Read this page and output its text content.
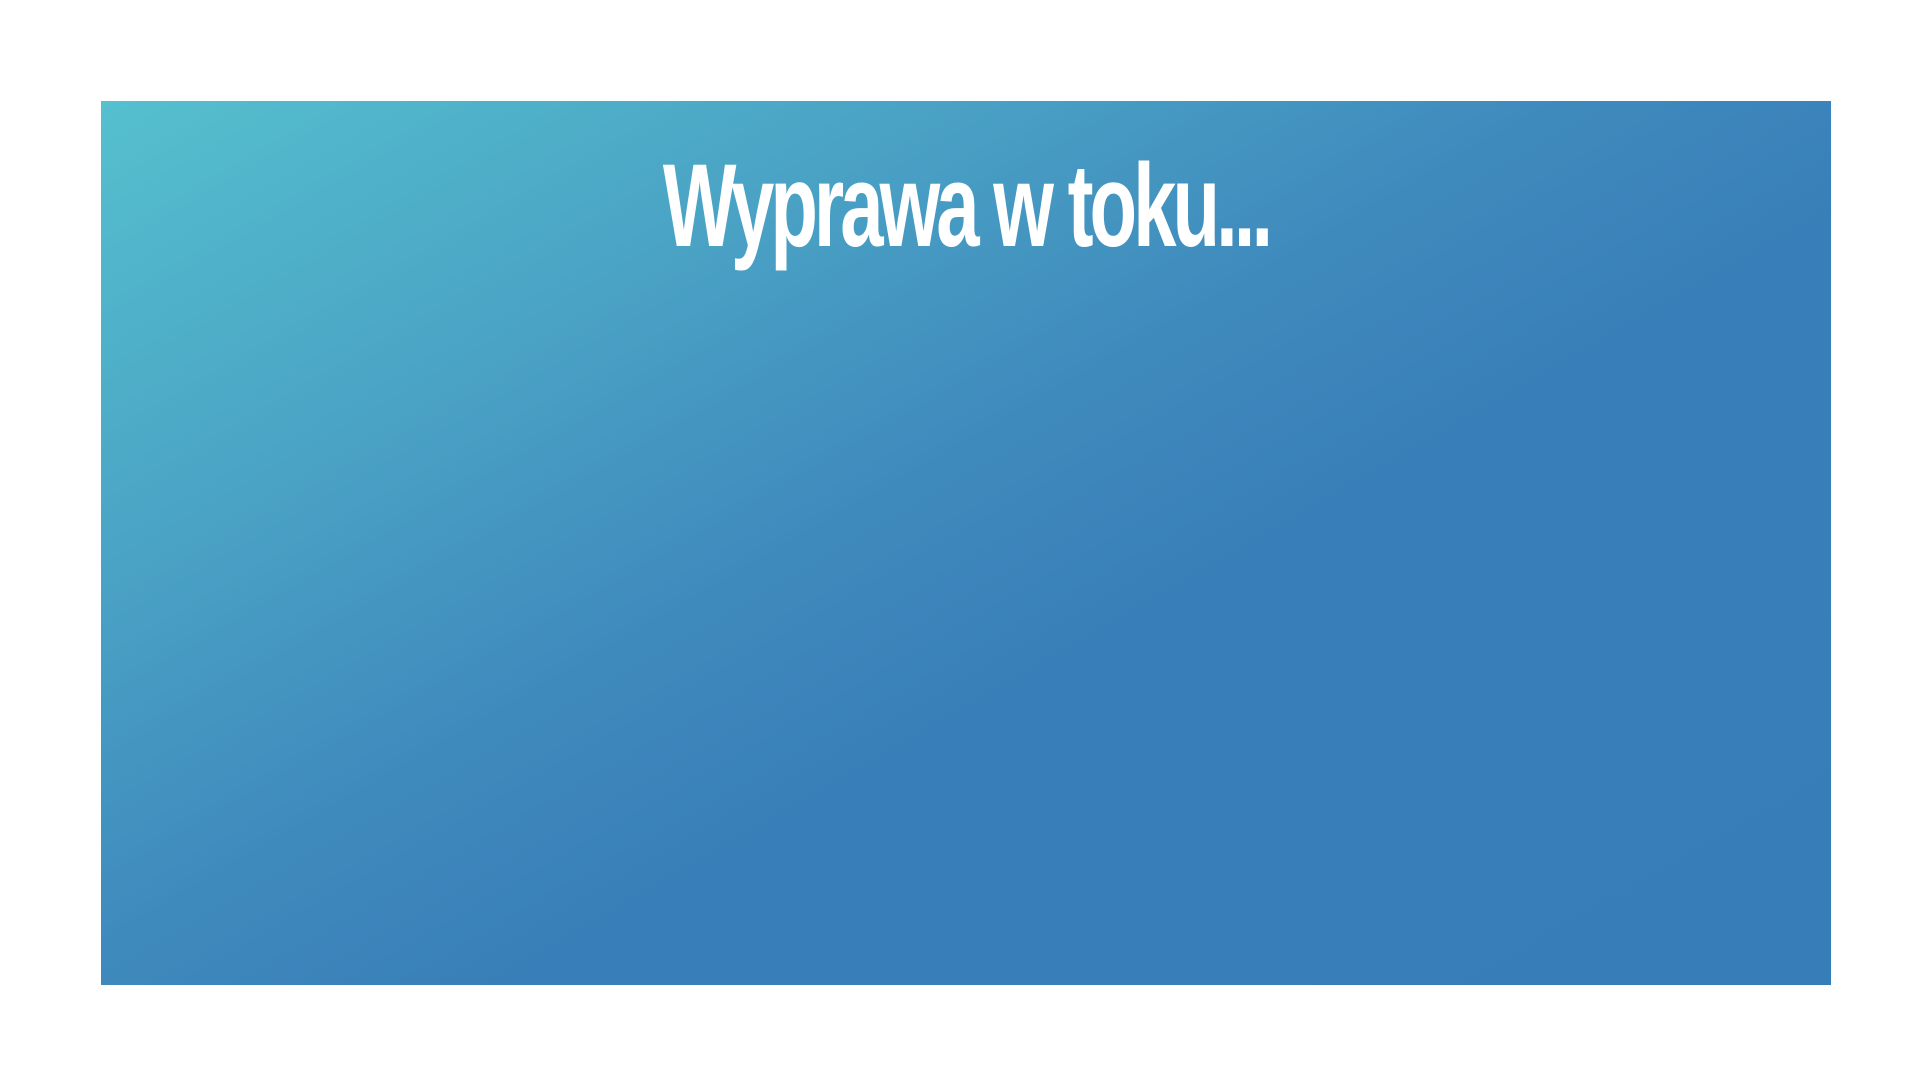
Wyprawa w toku...
